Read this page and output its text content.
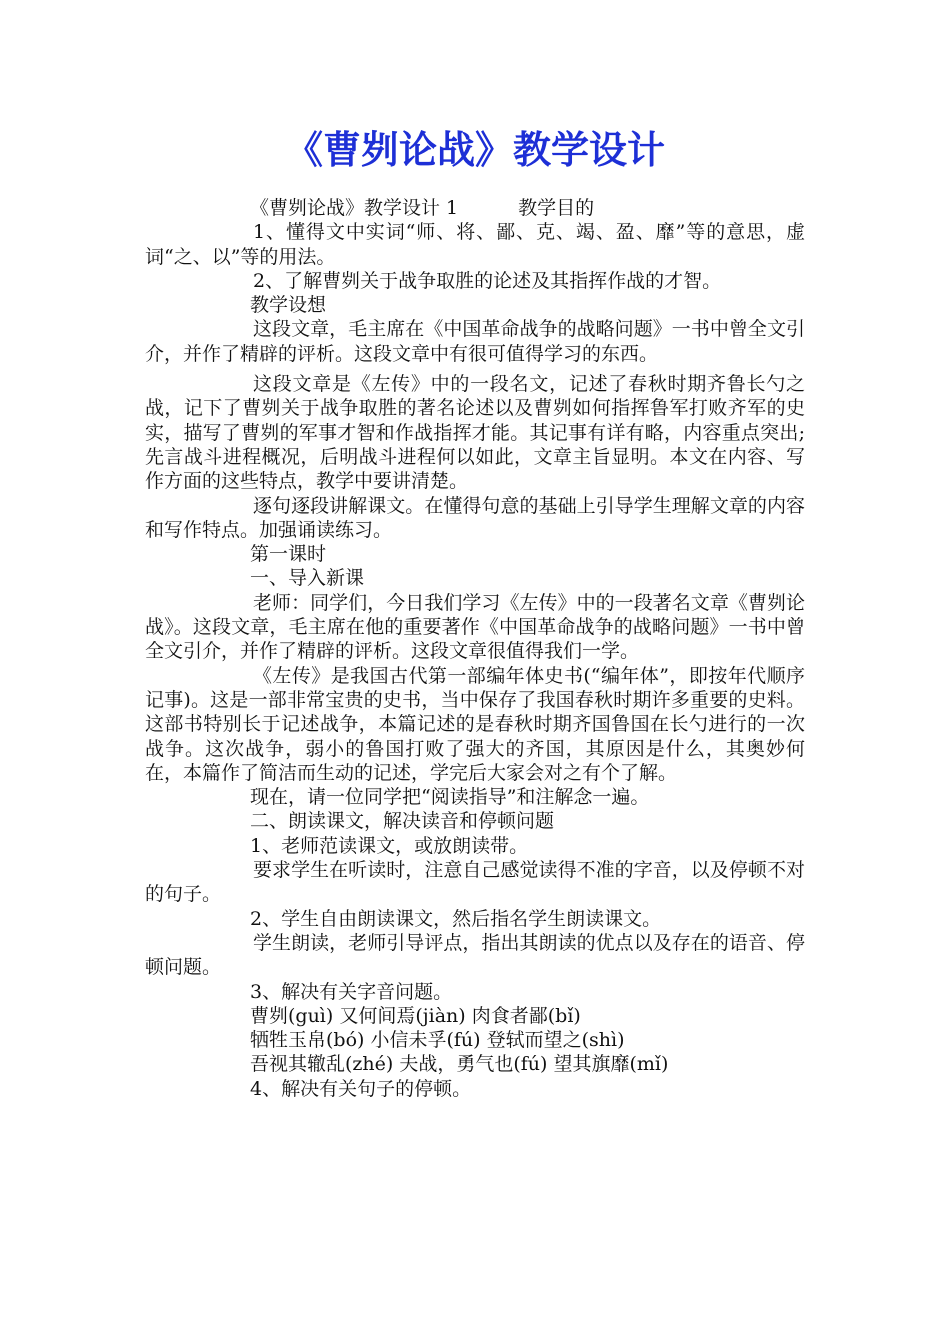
《曹刿论战》教学设计

《曹刿论战》教学设计 1	教学目的

1、懂得文中实词“师、将、鄙、克、竭、盈、靡”等的意思，虚词“之、以”等的用法。

2、了解曹刿关于战争取胜的论述及其指挥作战的才智。

教学设想

这段文章，毛主席在《中国革命战争的战略问题》一书中曾全文引介，并作了精辟的评析。这段文章中有很可值得学习的东西。

这段文章是《左传》中的一段名文，记述了春秋时期齐鲁长勺之战，记下了曹刿关于战争取胜的著名论述以及曹刿如何指挥鲁军打败齐军的史实，描写了曹刿的军事才智和作战指挥才能。其记事有详有略，内容重点突出;先言战斗进程概况，后明战斗进程何以如此，文章主旨显明。本文在内容、写作方面的这些特点，教学中要讲清楚。

逐句逐段讲解课文。在懂得句意的基础上引导学生理解文章的内容和写作特点。加强诵读练习。

第一课时

一、导入新课

老师：同学们，今日我们学习《左传》中的一段著名文章《曹刿论战》。这段文章，毛主席在他的重要著作《中国革命战争的战略问题》一书中曾全文引介，并作了精辟的评析。这段文章很值得我们一学。

《左传》是我国古代第一部编年体史书(“编年体”，即按年代顺序记事)。这是一部非常宝贵的史书，当中保存了我国春秋时期许多重要的史料。这部书特别长于记述战争，本篇记述的是春秋时期齐国鲁国在长勺进行的一次战争。这次战争，弱小的鲁国打败了强大的齐国，其原因是什么，其奥妙何在，本篇作了简洁而生动的记述，学完后大家会对之有个了解。

现在，请一位同学把“阅读指导”和注解念一遍。

二、朗读课文，解决读音和停顿问题

1、老师范读课文，或放朗读带。

要求学生在听读时，注意自己感觉读得不准的字音，以及停顿不对的句子。

2、学生自由朗读课文，然后指名学生朗读课文。

学生朗读，老师引导评点，指出其朗读的优点以及存在的语音、停顿问题。

3、解决有关字音问题。

曹刿(guì) 又何间焉(jiàn) 肉食者鄙(bǐ)

牺牲玉帛(bó) 小信未孚(fú) 登轼而望之(shì)

吾视其辙乱(zhé) 夫战，勇气也(fú) 望其旗靡(mǐ)

4、解决有关句子的停顿。
